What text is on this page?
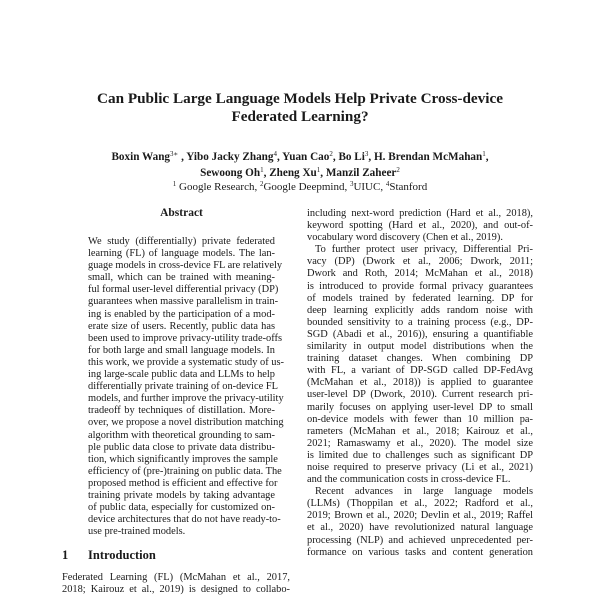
Can Public Large Language Models Help Private Cross-device
Federated Learning?
Boxin Wang$^{3∗}$ , Yibo Jacky Zhang$^4$, Yuan Cao$^2$, Bo Li$^3$, H. Brendan McMahan$^1$,
Sewoong Oh$^1$, Zheng Xu$^1$, Manzil Zaheer$^2$
$^1$ Google Research, $^2$Google Deepmind, $^3$UIUC, $^4$Stanford
Abstract
We study (differentially) private federated
learning (FL) of language models. The lan-
guage models in cross-device FL are relatively
small, which can be trained with meaning-
ful formal user-level differential privacy (DP)
guarantees when massive parallelism in train-
ing is enabled by the participation of a mod-
erate size of users. Recently, public data has
been used to improve privacy-utility trade-offs
for both large and small language models. In
this work, we provide a systematic study of us-
ing large-scale public data and LLMs to help
differentially private training of on-device FL
models, and further improve the privacy-utility
tradeoff by techniques of distillation. More-
over, we propose a novel distribution matching
algorithm with theoretical grounding to sam-
ple public data close to private data distribu-
tion, which significantly improves the sample
efficiency of (pre-)training on public data. The
proposed method is efficient and effective for
training private models by taking advantage
of public data, especially for customized on-
device architectures that do not have ready-to-
use pre-trained models.
1 Introduction
Federated Learning (FL) (McMahan et al., 2017,
2018; Kairouz et al., 2019) is designed to collabo-
including next-word prediction (Hard et al., 2018),
keyword spotting (Hard et al., 2020), and out-of-
vocabulary word discovery (Chen et al., 2019).
To further protect user privacy, Differential Pri-
vacy (DP) (Dwork et al., 2006; Dwork, 2011;
Dwork and Roth, 2014; McMahan et al., 2018)
is introduced to provide formal privacy guarantees
of models trained by federated learning. DP for
deep learning explicitly adds random noise with
bounded sensitivity to a training process (e.g., DP-
SGD (Abadi et al., 2016)), ensuring a quantifiable
similarity in output model distributions when the
training dataset changes. When combining DP
with FL, a variant of DP-SGD called DP-FedAvg
(McMahan et al., 2018)) is applied to guarantee
user-level DP (Dwork, 2010). Current research pri-
marily focuses on applying user-level DP to small
on-device models with fewer than 10 million pa-
rameters (McMahan et al., 2018; Kairouz et al.,
2021; Ramaswamy et al., 2020). The model size
is limited due to challenges such as significant DP
noise required to preserve privacy (Li et al., 2021)
and the communication costs in cross-device FL.
Recent advances in large language models
(LLMs) (Thoppilan et al., 2022; Radford et al.,
2019; Brown et al., 2020; Devlin et al., 2019; Raffel
et al., 2020) have revolutionized natural language
processing (NLP) and achieved unprecedented per-
formance on various tasks and content generation
